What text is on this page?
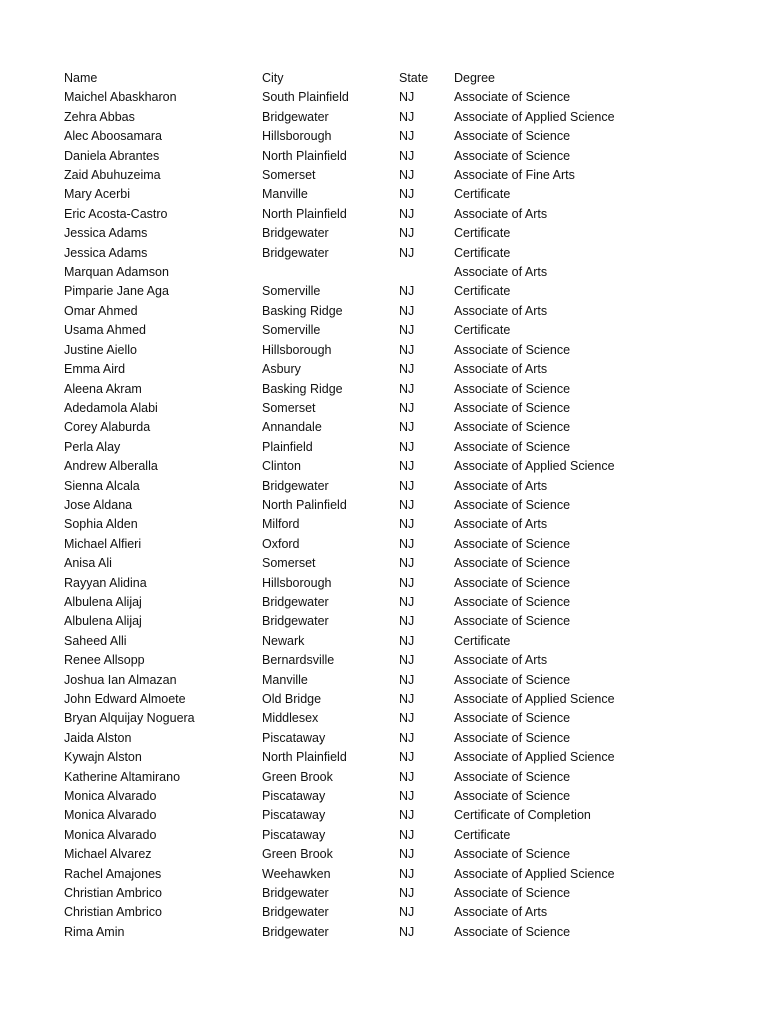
Name	City	State	Degree
Maichel Abaskharon	South Plainfield	NJ	Associate of Science
Zehra Abbas	Bridgewater	NJ	Associate of Applied Science
Alec Aboosamara	Hillsborough	NJ	Associate of Science
Daniela Abrantes	North Plainfield	NJ	Associate of Science
Zaid Abuhuzeima	Somerset	NJ	Associate of Fine Arts
Mary Acerbi	Manville	NJ	Certificate
Eric Acosta-Castro	North Plainfield	NJ	Associate of Arts
Jessica Adams	Bridgewater	NJ	Certificate
Jessica Adams	Bridgewater	NJ	Certificate
Marquan Adamson			Associate of Arts
Pimparie Jane Aga	Somerville	NJ	Certificate
Omar Ahmed	Basking Ridge	NJ	Associate of Arts
Usama Ahmed	Somerville	NJ	Certificate
Justine Aiello	Hillsborough	NJ	Associate of Science
Emma Aird	Asbury	NJ	Associate of Arts
Aleena Akram	Basking Ridge	NJ	Associate of Science
Adedamola Alabi	Somerset	NJ	Associate of Science
Corey Alaburda	Annandale	NJ	Associate of Science
Perla Alay	Plainfield	NJ	Associate of Science
Andrew Alberalla	Clinton	NJ	Associate of Applied Science
Sienna Alcala	Bridgewater	NJ	Associate of Arts
Jose Aldana	North Palinfield	NJ	Associate of Science
Sophia Alden	Milford	NJ	Associate of Arts
Michael Alfieri	Oxford	NJ	Associate of Science
Anisa Ali	Somerset	NJ	Associate of Science
Rayyan Alidina	Hillsborough	NJ	Associate of Science
Albulena Alijaj	Bridgewater	NJ	Associate of Science
Albulena Alijaj	Bridgewater	NJ	Associate of Science
Saheed Alli	Newark	NJ	Certificate
Renee Allsopp	Bernardsville	NJ	Associate of Arts
Joshua Ian Almazan	Manville	NJ	Associate of Science
John Edward Almoete	Old Bridge	NJ	Associate of Applied Science
Bryan Alquijay Noguera	Middlesex	NJ	Associate of Science
Jaida Alston	Piscataway	NJ	Associate of Science
Kywajn Alston	North Plainfield	NJ	Associate of Applied Science
Katherine Altamirano	Green Brook	NJ	Associate of Science
Monica Alvarado	Piscataway	NJ	Associate of Science
Monica Alvarado	Piscataway	NJ	Certificate of Completion
Monica Alvarado	Piscataway	NJ	Certificate
Michael Alvarez	Green Brook	NJ	Associate of Science
Rachel Amajones	Weehawken	NJ	Associate of Applied Science
Christian Ambrico	Bridgewater	NJ	Associate of Science
Christian Ambrico	Bridgewater	NJ	Associate of Arts
Rima Amin	Bridgewater	NJ	Associate of Science
